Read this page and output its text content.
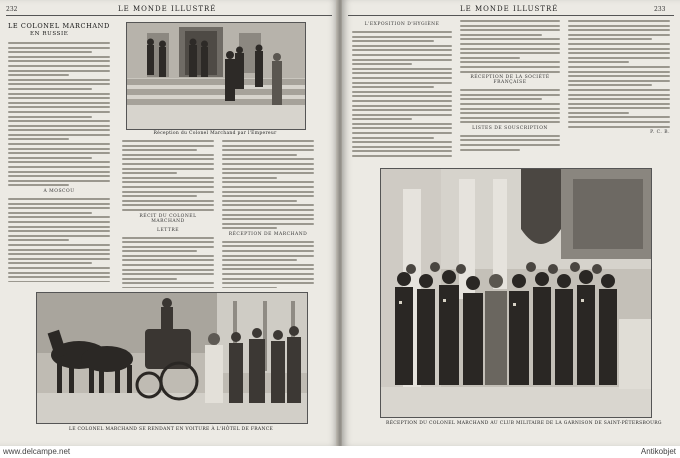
232	LE MONDE ILLUSTRÉ
LE COLONEL MARCHAND
EN RUSSIE
A MOSCOU
Réception du Colonel Marchand par l'Empereur
RÉCIT DU COLONEL MARCHAND
LETTRE
RÉCEPTION DE MARCHAND
LE COLONEL MARCHAND SE RENDANT EN VOITURE À L'HÔTEL DE FRANCE
LE MONDE ILLUSTRÉ	233
L'EXPOSITION D'HYGIÈNE
RÉCEPTION DE LA SOCIÉTÉ FRANÇAISE
LISTES DE SOUSCRIPTION
P. C. B.
RÉCEPTION DU COLONEL MARCHAND AU CLUB MILITAIRE DE LA GARNISON DE SAINT-PÉTERSBOURG
www.delcampe.net	Antikobjet
